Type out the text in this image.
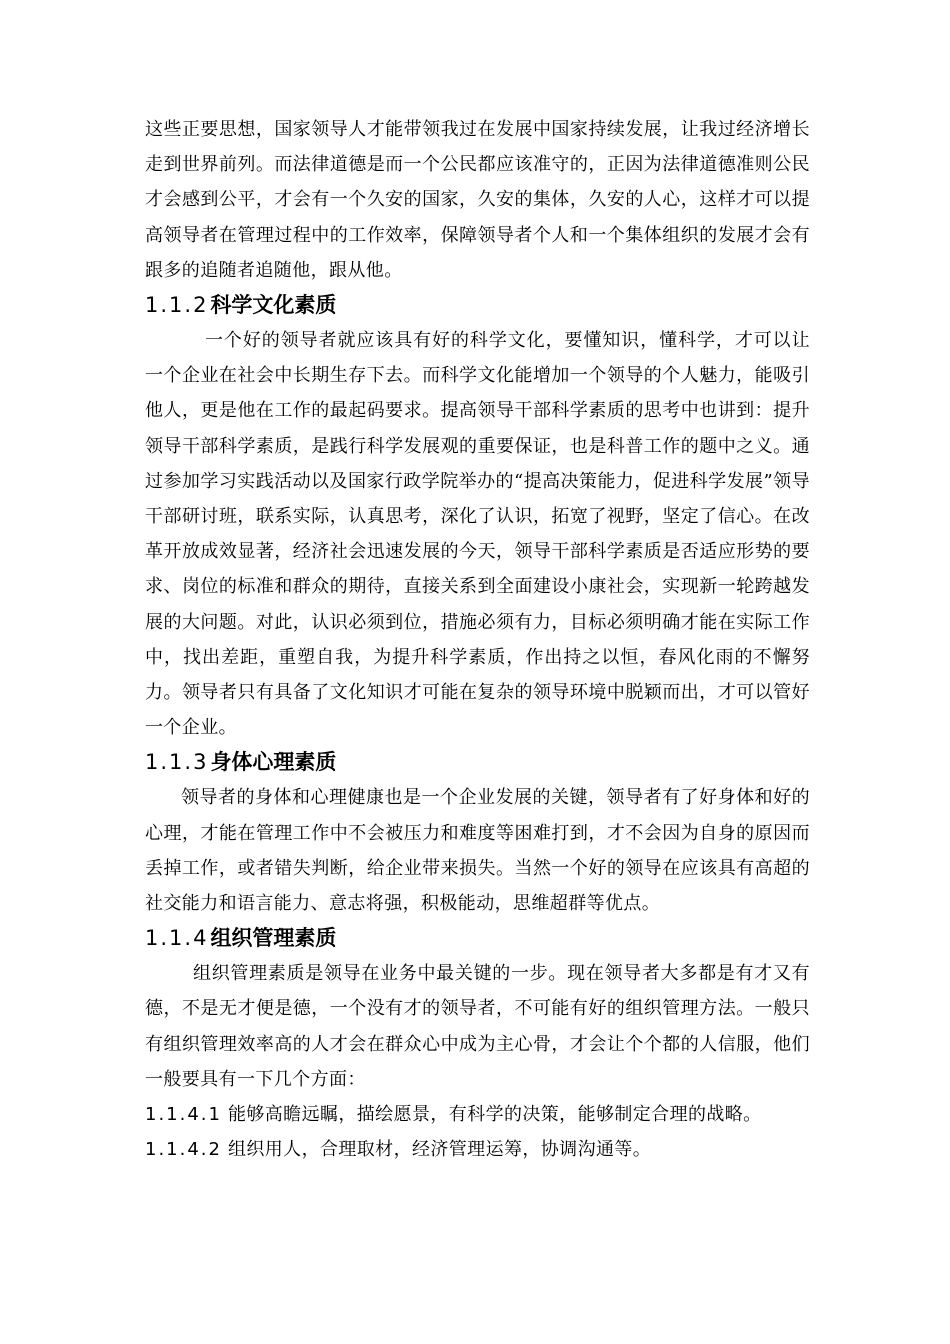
这些正要思想，国家领导人才能带领我过在发展中国家持续发展，让我过经济增长走到世界前列。而法律道德是而一个公民都应该准守的，正因为法律道德准则公民才会感到公平，才会有一个久安的国家，久安的集体，久安的人心，这样才可以提高领导者在管理过程中的工作效率，保障领导者个人和一个集体组织的发展才会有跟多的追随者追随他，跟从他。

1.1.2科学文化素质

一个好的领导者就应该具有好的科学文化，要懂知识，懂科学，才可以让一个企业在社会中长期生存下去。而科学文化能增加一个领导的个人魅力，能吸引他人，更是他在工作的最起码要求。提高领导干部科学素质的思考中也讲到：提升领导干部科学素质，是践行科学发展观的重要保证，也是科普工作的题中之义。通过参加学习实践活动以及国家行政学院举办的“提高决策能力，促进科学发展”领导干部研讨班，联系实际，认真思考，深化了认识，拓宽了视野，坚定了信心。在改革开放成效显著，经济社会迅速发展的今天，领导干部科学素质是否适应形势的要求、岗位的标准和群众的期待，直接关系到全面建设小康社会，实现新一轮跨越发展的大问题。对此，认识必须到位，措施必须有力，目标必须明确才能在实际工作中，找出差距，重塑自我，为提升科学素质，作出持之以恒，春风化雨的不懈努力。领导者只有具备了文化知识才可能在复杂的领导环境中脱颖而出，才可以管好一个企业。

1.1.3身体心理素质

领导者的身体和心理健康也是一个企业发展的关键，领导者有了好身体和好的心理，才能在管理工作中不会被压力和难度等困难打到，才不会因为自身的原因而丢掉工作，或者错失判断，给企业带来损失。当然一个好的领导在应该具有高超的社交能力和语言能力、意志将强，积极能动，思维超群等优点。

1.1.4组织管理素质

组织管理素质是领导在业务中最关键的一步。现在领导者大多都是有才又有德，不是无才便是德，一个没有才的领导者，不可能有好的组织管理方法。一般只有组织管理效率高的人才会在群众心中成为主心骨，才会让个个都的人信服，他们一般要具有一下几个方面：

1.1.4.1 能够高瞻远瞩，描绘愿景，有科学的决策，能够制定合理的战略。

1.1.4.2 组织用人，合理取材，经济管理运筹，协调沟通等。
